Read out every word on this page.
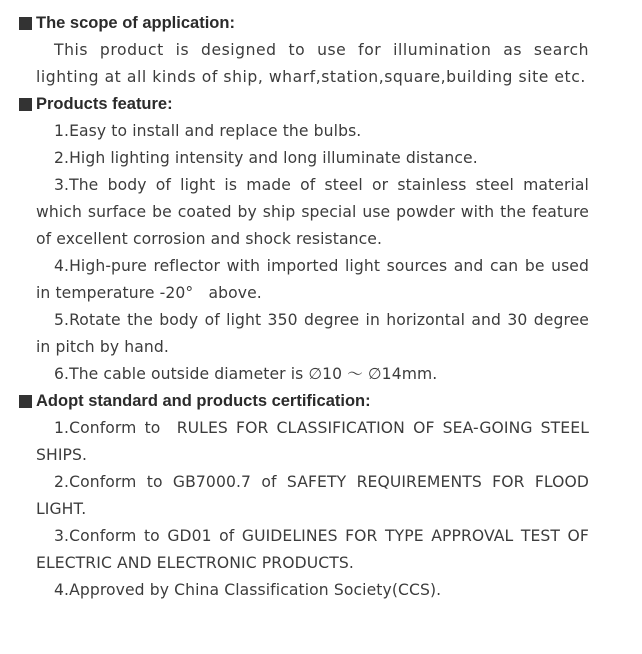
The scope of application:

This product is designed to use for illumination as search lighting at all kinds of ship, wharf,station,square,building site etc.

Products feature:

1.Easy to install and replace the bulbs.

2.High lighting intensity and long illuminate distance.

3.The body of light is made of steel or stainless steel material which surface be coated by ship special use powder with the feature of excellent corrosion and shock resistance.

4.High-pure reflector with imported light sources and can be used in temperature -20°   above.

5.Rotate the body of light 350 degree in horizontal and 30 degree in pitch by hand.

6.The cable outside diameter is ∅10 ～ ∅14mm.

Adopt standard and products certification:

1.Conform to  RULES FOR CLASSIFICATION OF SEA-GOING STEEL SHIPS.

2.Conform to GB7000.7 of SAFETY REQUIREMENTS FOR FLOOD LIGHT.

3.Conform to GD01 of GUIDELINES FOR TYPE APPROVAL TEST OF ELECTRIC AND ELECTRONIC PRODUCTS.

4.Approved by China Classification Society(CCS).
